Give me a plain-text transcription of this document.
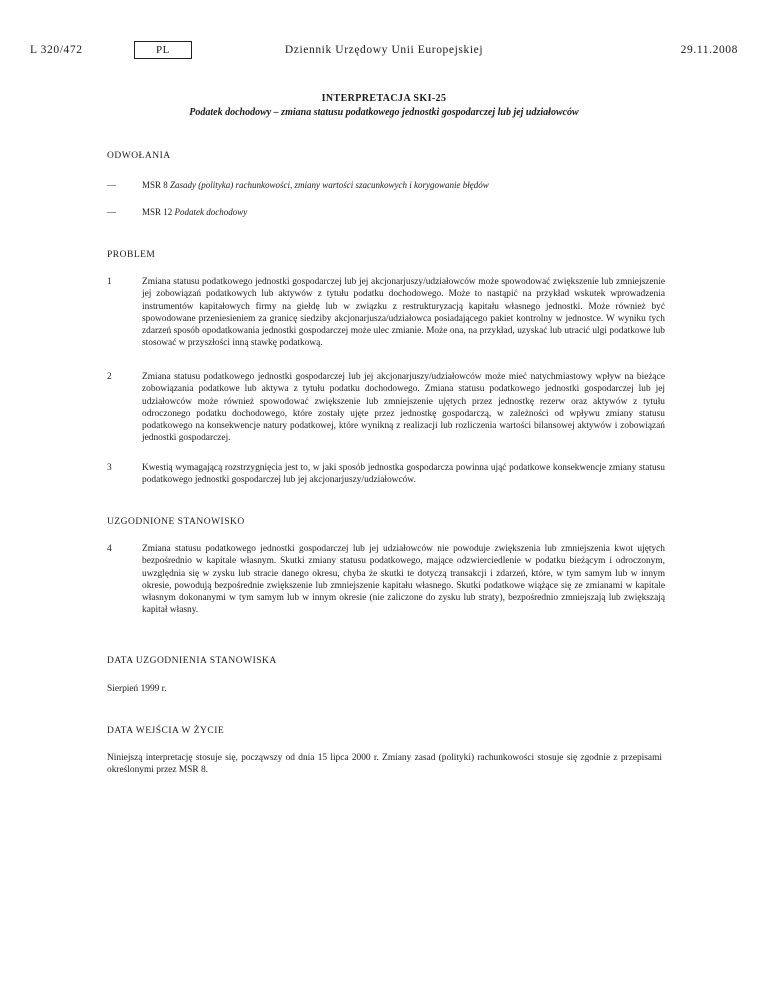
L 320/472	PL	Dziennik Urzędowy Unii Europejskiej	29.11.2008
INTERPRETACJA SKI-25
Podatek dochodowy – zmiana statusu podatkowego jednostki gospodarczej lub jej udziałowców
ODWOŁANIA
—	MSR 8 Zasady (polityka) rachunkowości, zmiany wartości szacunkowych i korygowanie błędów
—	MSR 12 Podatek dochodowy
PROBLEM
1	Zmiana statusu podatkowego jednostki gospodarczej lub jej akcjonarjuszy/udziałowców może spowodować zwiększenie lub zmniejszenie jej zobowiązań podatkowych lub aktywów z tytułu podatku dochodowego. Może to nastąpić na przykład wskutek wprowadzenia instrumentów kapitałowych firmy na giełdę lub w związku z restrukturyzacją kapitału własnego jednostki. Może również być spowodowane przeniesieniem za granicę siedziby akcjonarjusza/udziałowca posiadającego pakiet kontrolny w jednostce. W wyniku tych zdarzeń sposób opodatkowania jednostki gospodarczej może ulec zmianie. Może ona, na przykład, uzyskać lub utracić ulgi podatkowe lub stosować w przyszłości inną stawkę podatkową.
2	Zmiana statusu podatkowego jednostki gospodarczej lub jej akcjonarjuszy/udziałowców może mieć natychmiastowy wpływ na bieżące zobowiązania podatkowe lub aktywa z tytułu podatku dochodowego. Zmiana statusu podatkowego jednostki gospodarczej lub jej udziałowców może również spowodować zwiększenie lub zmniejszenie ujętych przez jednostkę rezerw oraz aktywów z tytułu odroczonego podatku dochodowego, które zostały ujęte przez jednostkę gospodarczą, w zależności od wpływu zmiany statusu podatkowego na konsekwencje natury podatkowej, które wynikną z realizacji lub rozliczenia wartości bilansowej aktywów i zobowiązań jednostki gospodarczej.
3	Kwestią wymagającą rozstrzygnięcia jest to, w jaki sposób jednostka gospodarcza powinna ująć podatkowe konsekwencje zmiany statusu podatkowego jednostki gospodarczej lub jej akcjonarjuszy/udziałowców.
UZGODNIONE STANOWISKO
4	Zmiana statusu podatkowego jednostki gospodarczej lub jej udziałowców nie powoduje zwiększenia lub zmniejszenia kwot ujętych bezpośrednio w kapitale własnym. Skutki zmiany statusu podatkowego, mające odzwierciedlenie w podatku bieżącym i odroczonym, uwzględnia się w zysku lub stracie danego okresu, chyba że skutki te dotyczą transakcji i zdarzeń, które, w tym samym lub w innym okresie, powodują bezpośrednie zwiększenie lub zmniejszenie kapitału własnego. Skutki podatkowe wiążące się ze zmianami w kapitale własnym dokonanymi w tym samym lub w innym okresie (nie zaliczone do zysku lub straty), bezpośrednio zmniejszają lub zwiększają kapitał własny.
DATA UZGODNIENIA STANOWISKA
Sierpień 1999 r.
DATA WEJŚCIA W ŻYCIE
Niniejszą interpretację stosuje się, począwszy od dnia 15 lipca 2000 r. Zmiany zasad (polityki) rachunkowości stosuje się zgodnie z przepisami określonymi przez MSR 8.
